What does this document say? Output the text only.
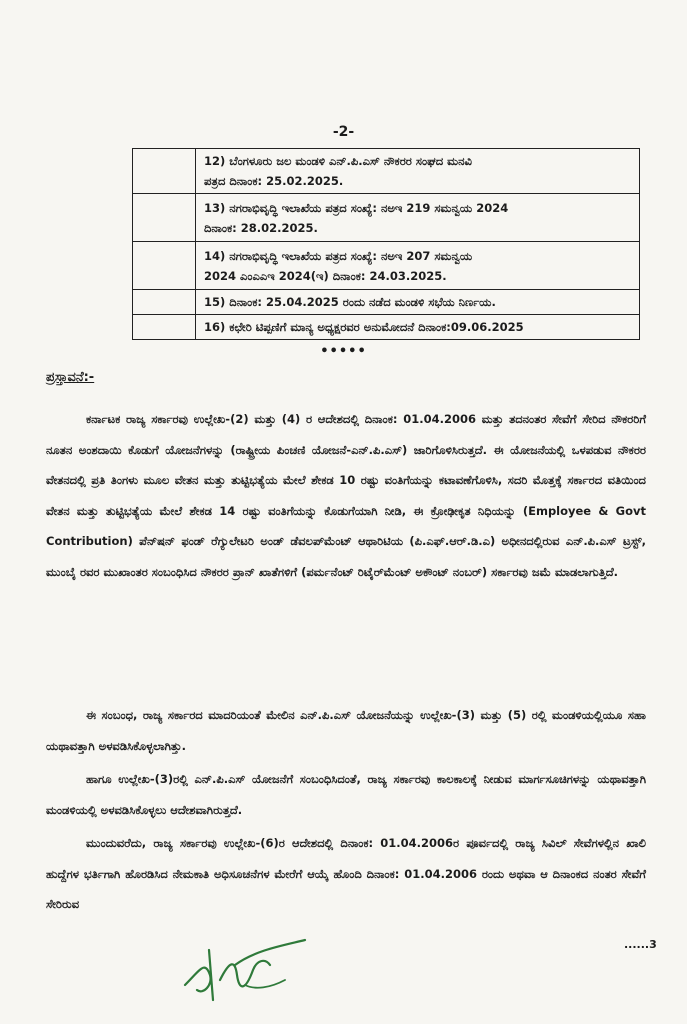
-2-

	12) ಬೆಂಗಳೂರು ಜಲ ಮಂಡಳಿ ಎನ್.ಪಿ.ಎಸ್ ನೌಕರರ ಸಂಘದ ಮನವಿ
ಪತ್ರದ ದಿನಾಂಕ: 25.02.2025.

	13) ನಗರಾಭಿವೃದ್ಧಿ ಇಲಾಖೆಯ ಪತ್ರದ ಸಂಖ್ಯೆ: ನಅಇ 219 ಸಮನ್ವಯ 2024
ದಿನಾಂಕ: 28.02.2025.

	14) ನಗರಾಭಿವೃದ್ಧಿ ಇಲಾಖೆಯ ಪತ್ರದ ಸಂಖ್ಯೆ: ನಅಇ 207 ಸಮನ್ವಯ
2024 ಎಂಎಎಇ 2024(ಇ) ದಿನಾಂಕ: 24.03.2025.

	15) ದಿನಾಂಕ: 25.04.2025 ರಂದು ನಡೆದ ಮಂಡಳಿ ಸಭೆಯ ನಿರ್ಣಯ.

	16) ಕಛೇರಿ ಟಿಪ್ಪಣಿಗೆ ಮಾನ್ಯ ಅಧ್ಯಕ್ಷರವರ ಅನುಮೋದನೆ ದಿನಾಂಕ:09.06.2025
•••••
ಪ್ರಸ್ತಾವನೆ:-

ಕರ್ನಾಟಕ ರಾಜ್ಯ ಸರ್ಕಾರವು ಉಲ್ಲೇಖ-(2) ಮತ್ತು (4) ರ ಆದೇಶದಲ್ಲಿ ದಿನಾಂಕ: 01.04.2006 ಮತ್ತು ತದನಂತರ ಸೇವೆಗೆ ಸೇರಿದ ನೌಕರರಿಗೆ ನೂತನ ಅಂಶದಾಯಿ ಕೊಡುಗೆ ಯೋಜನೆಗಳನ್ನು (ರಾಷ್ಟ್ರೀಯ ಪಿಂಚಣಿ ಯೋಜನೆ-ಎನ್.ಪಿ.ಎಸ್) ಜಾರಿಗೊಳಿಸಿರುತ್ತದೆ. ಈ ಯೋಜನೆಯಲ್ಲಿ ಒಳಪಡುವ ನೌಕರರ ವೇತನದಲ್ಲಿ ಪ್ರತಿ ತಿಂಗಳು ಮೂಲ ವೇತನ ಮತ್ತು ತುಟ್ಟಿಭತ್ಯೆಯ ಮೇಲೆ ಶೇಕಡ 10 ರಷ್ಟು ವಂತಿಗೆಯನ್ನು ಕಟಾವಣೆಗೊಳಿಸಿ, ಸದರಿ ಮೊತ್ತಕ್ಕೆ ಸರ್ಕಾರದ ವತಿಯಿಂದ ವೇತನ ಮತ್ತು ತುಟ್ಟಿಭತ್ಯೆಯ ಮೇಲೆ ಶೇಕಡ 14 ರಷ್ಟು ವಂತಿಗೆಯನ್ನು ಕೊಡುಗೆಯಾಗಿ ನೀಡಿ, ಈ ಕ್ರೋಢೀಕೃತ ನಿಧಿಯನ್ನು (Employee & Govt Contribution) ಪೆನ್‌ಷನ್ ಫಂಡ್ ರೆಗ್ಯುಲೇಟರಿ ಅಂಡ್ ಡೆವಲಪ್‌ಮೆಂಟ್ ಆಥಾರಿಟಿಯ (ಪಿ.ಎಫ್.ಆರ್.ಡಿ.ಎ) ಅಧೀನದಲ್ಲಿರುವ ಎನ್.ಪಿ.ಎಸ್ ಟ್ರಸ್ಟ್, ಮುಂಬೈ ರವರ ಮುಖಾಂತರ ಸಂಬಂಧಿಸಿದ ನೌಕರರ ಪ್ರಾನ್ ಖಾತೆಗಳಿಗೆ (ಪರ್ಮನೆಂಟ್ ರಿಟೈರ್‌ಮೆಂಟ್ ಅಕೌಂಟ್ ನಂಬರ್) ಸರ್ಕಾರವು ಜಮೆ ಮಾಡಲಾಗುತ್ತಿದೆ.

ಈ ಸಂಬಂಧ, ರಾಜ್ಯ ಸರ್ಕಾರದ ಮಾದರಿಯಂತೆ ಮೇಲಿನ ಎನ್.ಪಿ.ಎಸ್ ಯೋಜನೆಯನ್ನು ಉಲ್ಲೇಖ-(3) ಮತ್ತು (5) ರಲ್ಲಿ ಮಂಡಳಿಯಲ್ಲಿಯೂ ಸಹಾ ಯಥಾವತ್ತಾಗಿ ಅಳವಡಿಸಿಕೊಳ್ಳಲಾಗಿತ್ತು.

ಹಾಗೂ ಉಲ್ಲೇಖ-(3)ರಲ್ಲಿ ಎನ್.ಪಿ.ಎಸ್ ಯೋಜನೆಗೆ ಸಂಬಂಧಿಸಿದಂತೆ, ರಾಜ್ಯ ಸರ್ಕಾರವು ಕಾಲಕಾಲಕ್ಕೆ ನೀಡುವ ಮಾರ್ಗಸೂಚಿಗಳನ್ನು ಯಥಾವತ್ತಾಗಿ ಮಂಡಳಿಯಲ್ಲಿ ಅಳವಡಿಸಿಕೊಳ್ಳಲು ಆದೇಶವಾಗಿರುತ್ತದೆ.

ಮುಂದುವರೆದು, ರಾಜ್ಯ ಸರ್ಕಾರವು ಉಲ್ಲೇಖ-(6)ರ ಆದೇಶದಲ್ಲಿ ದಿನಾಂಕ: 01.04.2006ರ ಪೂರ್ವದಲ್ಲಿ ರಾಜ್ಯ ಸಿವಿಲ್ ಸೇವೆಗಳಲ್ಲಿನ ಖಾಲಿ ಹುದ್ದೆಗಳ ಭರ್ತಿಗಾಗಿ ಹೊರಡಿಸಿದ ನೇಮಕಾತಿ ಅಧಿಸೂಚನೆಗಳ ಮೇರೆಗೆ ಆಯ್ಕೆ ಹೊಂದಿ ದಿನಾಂಕ: 01.04.2006 ರಂದು ಅಥವಾ ಆ ದಿನಾಂಕದ ನಂತರ ಸೇವೆಗೆ ಸೇರಿರುವ

......3
